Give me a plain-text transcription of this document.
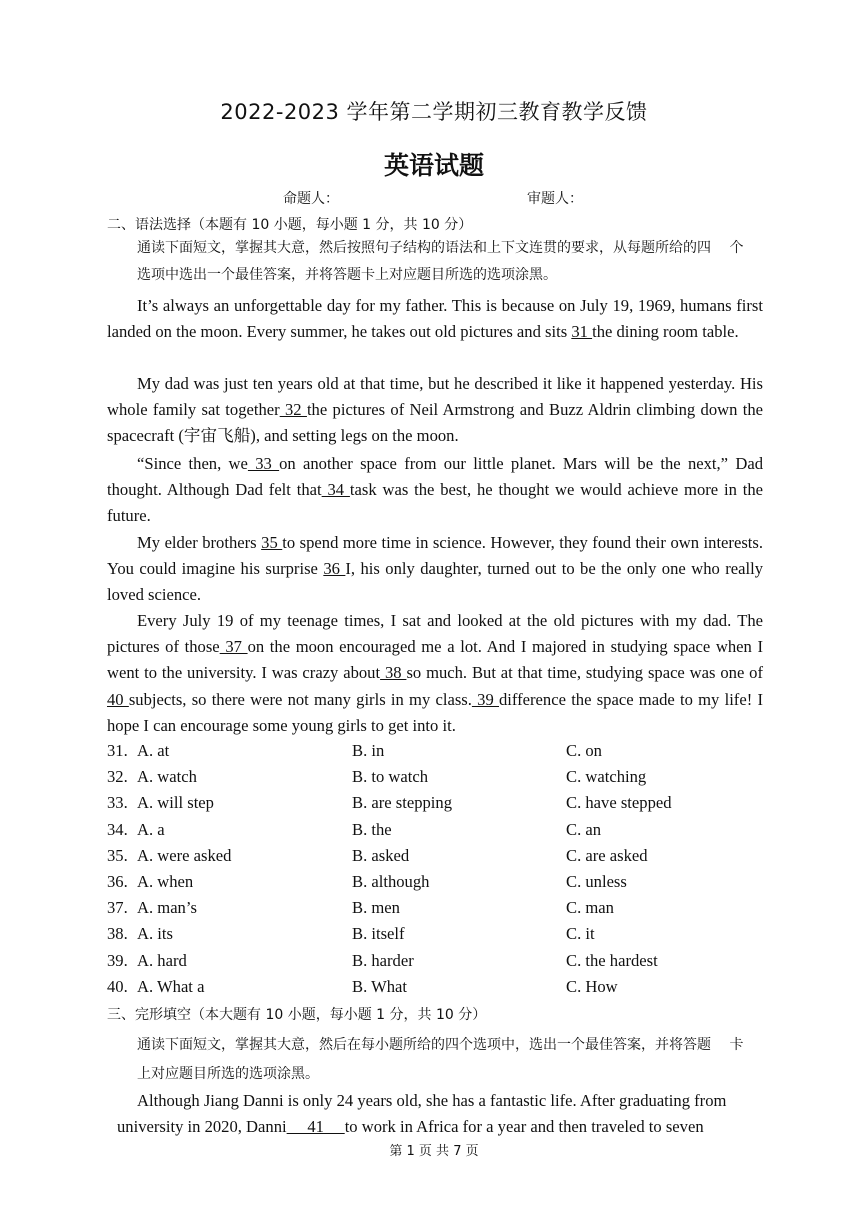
2022-2023 学年第二学期初三教育教学反馈
英语试题
命题人：	审题人：
二、语法选择（本题有 10 小题，每小题 1 分，共 10 分）
通读下面短文，掌握其大意，然后按照句子结构的语法和上下文连贯的要求，从每题所给的四　 个
选项中选出一个最佳答案，并将答题卡上对应题目所选的选项涂黑。
It’s always an unforgettable day for my father. This is because on July 19, 1969, humans first landed on the moon. Every summer, he takes out old pictures and sits 31 the dining room table.
My dad was just ten years old at that time, but he described it like it happened yesterday. His whole family sat together 32 the pictures of Neil Armstrong and Buzz Aldrin climbing down the spacecraft (宇宙飞船), and setting legs on the moon.
“Since then, we 33 on another space from our little planet. Mars will be the next,” Dad thought. Although Dad felt that 34 task was the best, he thought we would achieve more in the future.
My elder brothers 35 to spend more time in science. However, they found their own interests. You could imagine his surprise 36 I, his only daughter, turned out to be the only one who really loved science.
Every July 19 of my teenage times, I sat and looked at the old pictures with my dad. The pictures of those 37 on the moon encouraged me a lot. And I majored in studying space when I went to the university. I was crazy about 38 so much. But at that time, studying space was one of 40 subjects, so there were not many girls in my class. 39 difference the space made to my life! I hope I can encourage some young girls to get into it.
31. A. at	B. in	C. on
32. A. watch	B. to watch	C. watching
33. A. will step	B. are stepping	C. have stepped
34. A. a	B. the	C. an
35. A. were asked	B. asked	C. are asked
36. A. when	B. although	C. unless
37. A. man’s	B. men	C. man
38. A. its	B. itself	C. it
39. A. hard	B. harder	C. the hardest
40. A. What a	B. What	C. How
三、完形填空（本大题有 10 小题，每小题 1 分，共 10 分）
通读下面短文，掌握其大意，然后在每小题所给的四个选项中，选出一个最佳答案，并将答题　 卡
上对应题目所选的选项涂黑。
Although Jiang Danni is only 24 years old, she has a fantastic life. After graduating from
university in 2020, Danni     41     to work in Africa for a year and then traveled to seven
第 1 页 共 7 页
